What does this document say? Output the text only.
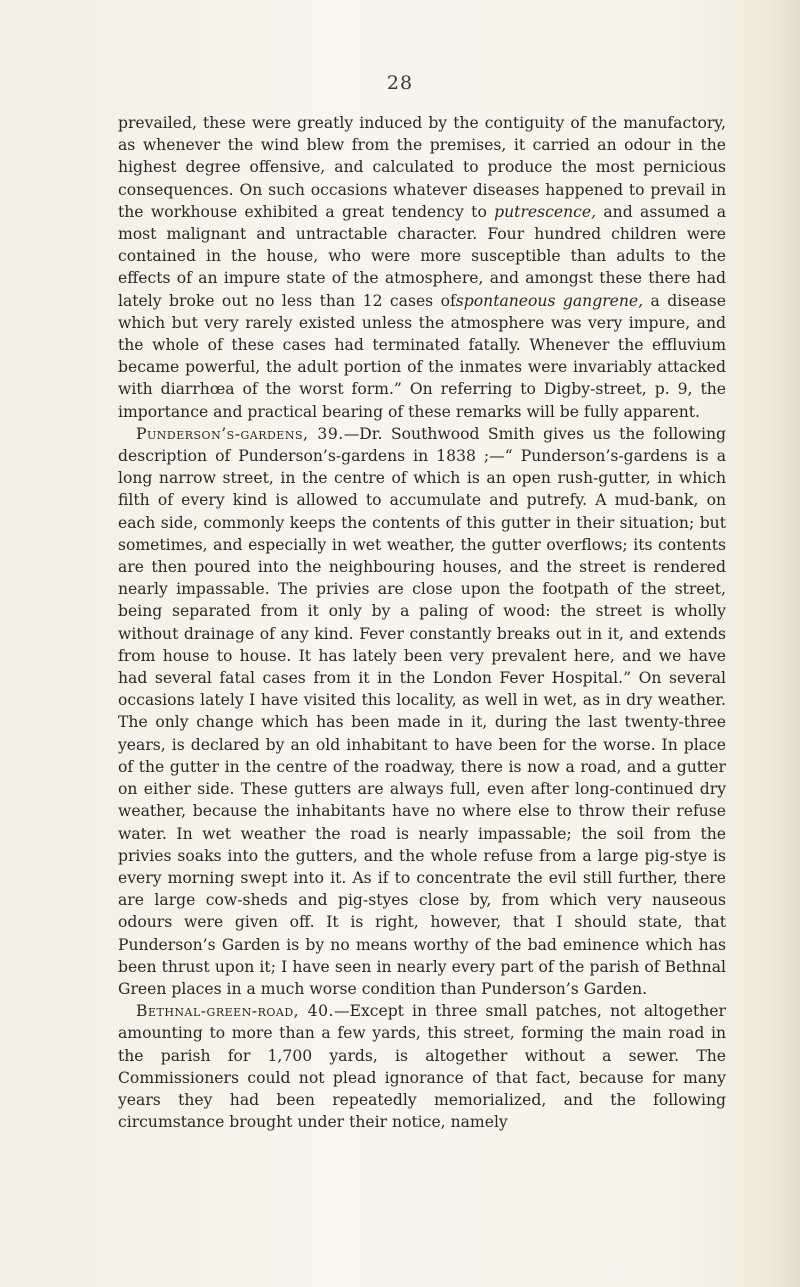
28

prevailed, these were greatly induced by the contiguity of the manufactory, as whenever the wind blew from the premises, it carried an odour in the highest degree offensive, and calculated to produce the most pernicious consequences. On such occasions whatever diseases happened to prevail in the workhouse exhibited a great tendency to putrescence, and assumed a most malignant and untractable character. Four hundred children were contained in the house, who were more susceptible than adults to the effects of an impure state of the atmosphere, and amongst these there had lately broke out no less than 12 cases ofspontaneous gangrene, a disease which but very rarely existed unless the atmosphere was very impure, and the whole of these cases had terminated fatally. Whenever the effluvium became powerful, the adult portion of the inmates were invariably attacked with diarrhœa of the worst form.” On referring to Digby-street, p. 9, the importance and practical bearing of these remarks will be fully apparent.

Punderson’s-gardens, 39.—Dr. Southwood Smith gives us the following description of Punderson’s-gardens in 1838 ;—“ Punderson’s-gardens is a long narrow street, in the centre of which is an open rush-gutter, in which filth of every kind is allowed to accumulate and putrefy. A mud-bank, on each side, commonly keeps the contents of this gutter in their situation; but sometimes, and especially in wet weather, the gutter overflows; its contents are then poured into the neighbouring houses, and the street is rendered nearly impassable. The privies are close upon the footpath of the street, being separated from it only by a paling of wood: the street is wholly without drainage of any kind. Fever constantly breaks out in it, and extends from house to house. It has lately been very prevalent here, and we have had several fatal cases from it in the London Fever Hospital.” On several occasions lately I have visited this locality, as well in wet, as in dry weather. The only change which has been made in it, during the last twenty-three years, is declared by an old inhabitant to have been for the worse. In place of the gutter in the centre of the roadway, there is now a road, and a gutter on either side. These gutters are always full, even after long-continued dry weather, because the inhabitants have no where else to throw their refuse water. In wet weather the road is nearly impassable; the soil from the privies soaks into the gutters, and the whole refuse from a large pig-stye is every morning swept into it. As if to concentrate the evil still further, there are large cow-sheds and pig-styes close by, from which very nauseous odours were given off. It is right, however, that I should state, that Punderson’s Garden is by no means worthy of the bad eminence which has been thrust upon it; I have seen in nearly every part of the parish of Bethnal Green places in a much worse condition than Punderson’s Garden.

Bethnal-green-road, 40.—Except in three small patches, not altogether amounting to more than a few yards, this street, forming the main road in the parish for 1,700 yards, is altogether without a sewer. The Commissioners could not plead ignorance of that fact, because for many years they had been repeatedly memorialized, and the following circumstance brought under their notice, namely
